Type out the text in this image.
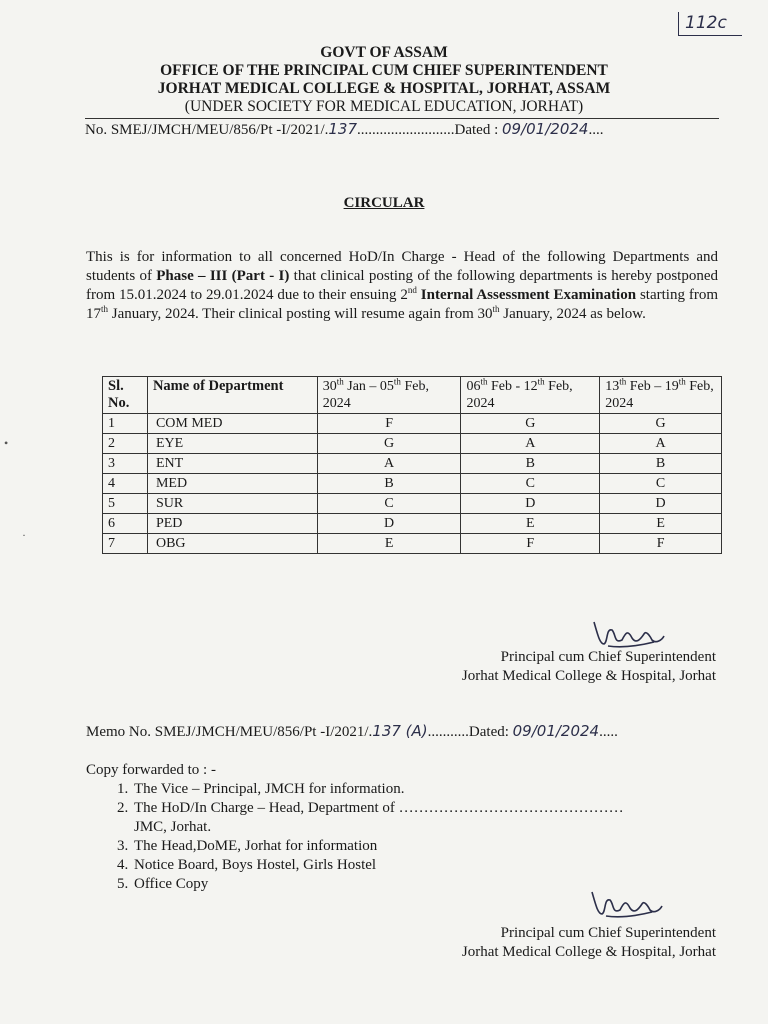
112c
GOVT OF ASSAM
OFFICE OF THE PRINCIPAL CUM CHIEF SUPERINTENDENT
JORHAT MEDICAL COLLEGE & HOSPITAL, JORHAT, ASSAM
(UNDER SOCIETY FOR MEDICAL EDUCATION, JORHAT)
No. SMEJ/JMCH/MEU/856/Pt -I/2021/.137..........................Dated : 09/01/2024....
CIRCULAR

This is for information to all concerned HoD/In Charge - Head of the following Departments and students of Phase – III (Part - I) that clinical posting of the following departments is hereby postponed from 15.01.2024 to 29.01.2024 due to their ensuing 2nd Internal Assessment Examination starting from 17th January, 2024. Their clinical posting will resume again from 30th January, 2024 as below.

Sl. No.	Name of Department	30th Jan – 05th Feb, 2024	06th Feb - 12th Feb, 2024	13th Feb – 19th Feb, 2024
1	COM MED	F	G	G
2	EYE	G	A	A
3	ENT	A	B	B
4	MED	B	C	C
5	SUR	C	D	D
6	PED	D	E	E
7	OBG	E	F	F
Principal cum Chief Superintendent
Jorhat Medical College & Hospital, Jorhat
Memo No. SMEJ/JMCH/MEU/856/Pt -I/2021/.137 (A)...........Dated: 09/01/2024.....
Copy forwarded to : -
1. The Vice – Principal, JMCH for information.
2. The HoD/In Charge – Head, Department of ………………………………………
JMC, Jorhat.
3. The Head,DoME, Jorhat for information
4. Notice Board, Boys Hostel, Girls Hostel
5. Office Copy
Principal cum Chief Superintendent
Jorhat Medical College & Hospital, Jorhat
•
·
